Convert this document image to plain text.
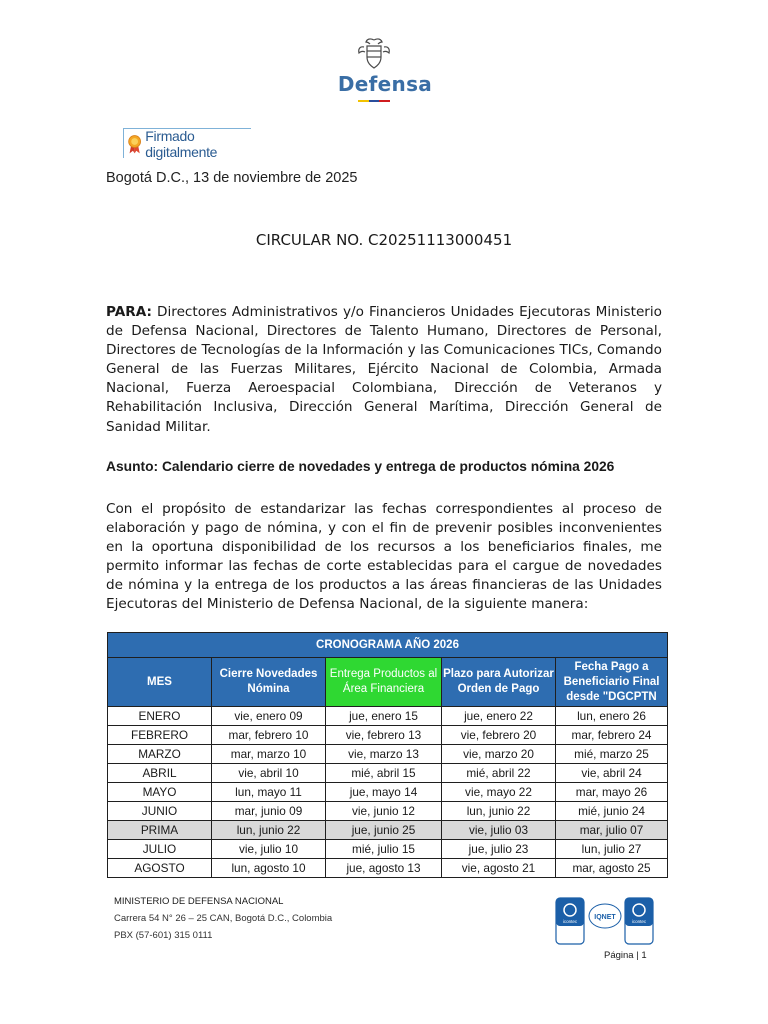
Defensa
Firmado digitalmente
Bogotá D.C., 13 de noviembre de 2025
CIRCULAR NO. C20251113000451
PARA: Directores Administrativos y/o Financieros Unidades Ejecutoras Ministerio de Defensa Nacional, Directores de Talento Humano, Directores de Personal, Directores de Tecnologías de la Información y las Comunicaciones TICs, Comando General de las Fuerzas Militares, Ejército Nacional de Colombia, Armada Nacional, Fuerza Aeroespacial Colombiana, Dirección de Veteranos y Rehabilitación Inclusiva, Dirección General Marítima, Dirección General de Sanidad Militar.
Asunto: Calendario cierre de novedades y entrega de productos nómina 2026
Con el propósito de estandarizar las fechas correspondientes al proceso de elaboración y pago de nómina, y con el fin de prevenir posibles inconvenientes en la oportuna disponibilidad de los recursos a los beneficiarios finales, me permito informar las fechas de corte establecidas para el cargue de novedades de nómina y la entrega de los productos a las áreas financieras de las Unidades Ejecutoras del Ministerio de Defensa Nacional, de la siguiente manera:
CRONOGRAMA AÑO 2026				
MES	Cierre Novedades Nómina	Entrega Productos al Área Financiera	Plazo para Autorizar Orden de Pago	Fecha Pago a Beneficiario Final desde "DGCPTN
ENERO	vie, enero 09	jue, enero 15	jue, enero 22	lun, enero 26
FEBRERO	mar, febrero 10	vie, febrero 13	vie, febrero 20	mar, febrero 24
MARZO	mar, marzo 10	vie, marzo 13	vie, marzo 20	mié, marzo 25
ABRIL	vie, abril 10	mié, abril 15	mié, abril 22	vie, abril 24
MAYO	lun, mayo 11	jue, mayo 14	vie, mayo 22	mar, mayo 26
JUNIO	mar, junio 09	vie, junio 12	lun, junio 22	mié, junio 24
PRIMA	lun, junio 22	jue, junio 25	vie, julio 03	mar, julio 07
JULIO	vie, julio 10	mié, julio 15	jue, julio 23	lun, julio 27
AGOSTO	lun, agosto 10	jue, agosto 13	vie, agosto 21	mar, agosto 25
MINISTERIO DE DEFENSA NACIONAL
Carrera 54 N° 26 – 25 CAN, Bogotá D.C., Colombia
PBX (57-601) 315 0111
icontec
IQNET
icontec
Página | 1
